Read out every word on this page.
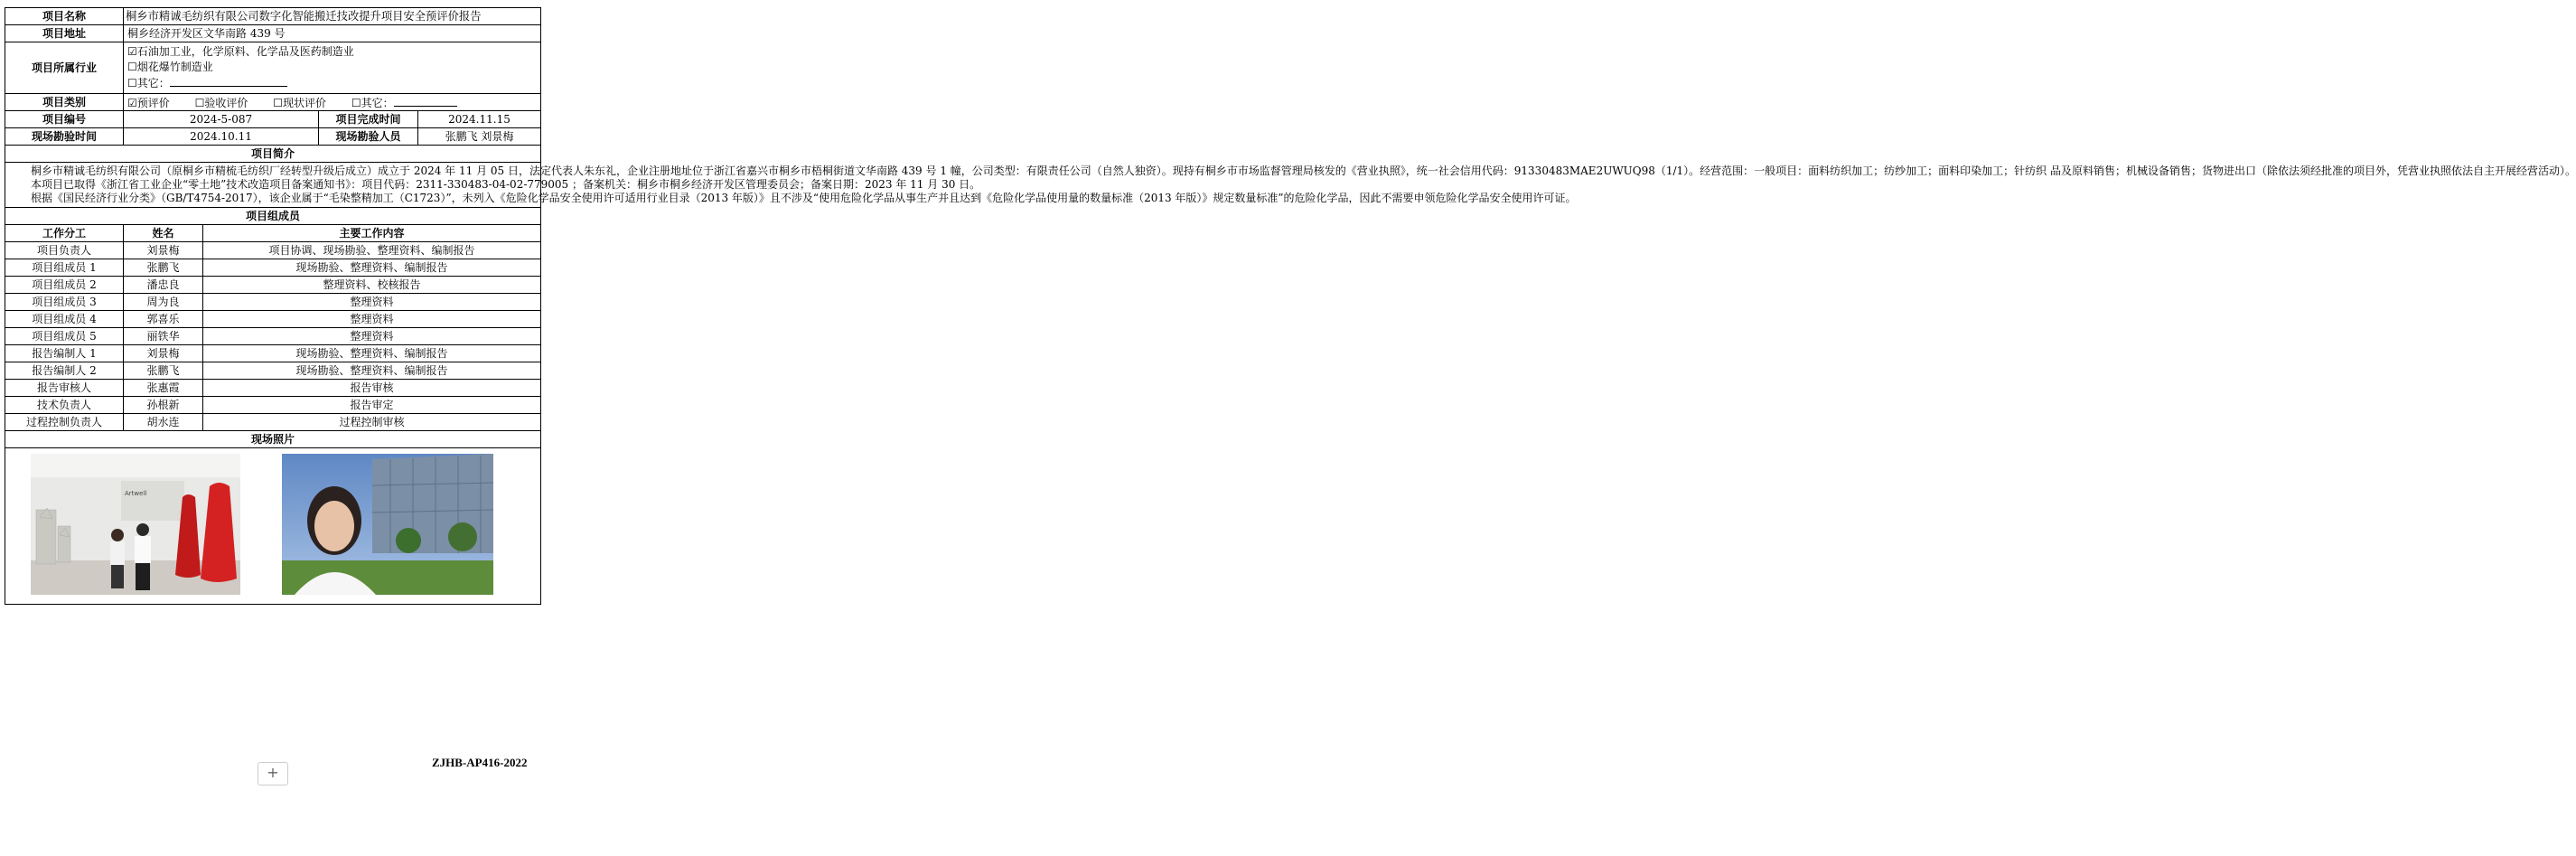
项目名称	桐乡市精诚毛纺织有限公司数字化智能搬迁技改提升项目安全预评价报告			
项目地址	桐乡经济开发区文华南路 439 号			
项目所属行业	☑石油加工业，化学原料、化学品及医药制造业
☐烟花爆竹制造业
☐其它：			

项目类别	☑预评价 ☐验收评价 ☐现状评价 ☐其它：			
项目编号	2024-5-087		项目完成时间	2024.11.15
现场勘验时间	2024.10.11		现场勘验人员	张鹏飞 刘景梅
项目简介				

桐乡市精诚毛纺织有限公司（原桐乡市精梳毛纺织厂经转型升级后成立）成立于 2024 年 11 月 05 日，法定代表人朱东礼，企业注册地址位于浙江省嘉兴市桐乡市梧桐街道文华南路 439 号 1 幢，公司类型：有限责任公司（自然人独资）。现持有桐乡市市场监督管理局核发的《营业执照》，统一社会信用代码：91330483MAE2UWUQ98（1/1）。经营范围：一般项目：面料纺织加工；纺纱加工；面料印染加工；针纺织 品及原料销售；机械设备销售；货物进出口（除依法须经批准的项目外，凭营业执照依法自主开展经营活动）。

本项目已取得《浙江省工业企业“零土地”技术改造项目备案通知书》：项目代码：2311-330483-04-02-779005 ；备案机关：桐乡市桐乡经济开发区管理委员会；备案日期：2023 年 11 月 30 日。

根据《国民经济行业分类》（GB/T4754-2017），该企业属于“毛染整精加工（C1723）”，未列入《危险化学品安全使用许可适用行业目录（2013 年版）》且不涉及“使用危险化学品从事生产并且达到《危险化学品使用量的数量标准（2013 年版）》规定数量标准”的危险化学品，因此不需要申领危险化学品安全使用许可证。				

项目组成员				
工作分工	姓名	主要工作内容		
项目负责人	刘景梅	项目协调、现场勘验、整理资料、编制报告		
项目组成员 1	张鹏飞	现场勘验、整理资料、编制报告		
项目组成员 2	潘忠良	整理资料、校核报告		
项目组成员 3	周为良	整理资料		
项目组成员 4	郭喜乐	整理资料		
项目组成员 5	丽铁华	整理资料		
报告编制人 1	刘景梅	现场勘验、整理资料、编制报告		
报告编制人 2	张鹏飞	现场勘验、整理资料、编制报告		
报告审核人	张惠霞	报告审核		
技术负责人	孙根新	报告审定		
过程控制负责人	胡水连	过程控制审核		
现场照片				

Artwell				
+
ZJHB-AP416-2022
